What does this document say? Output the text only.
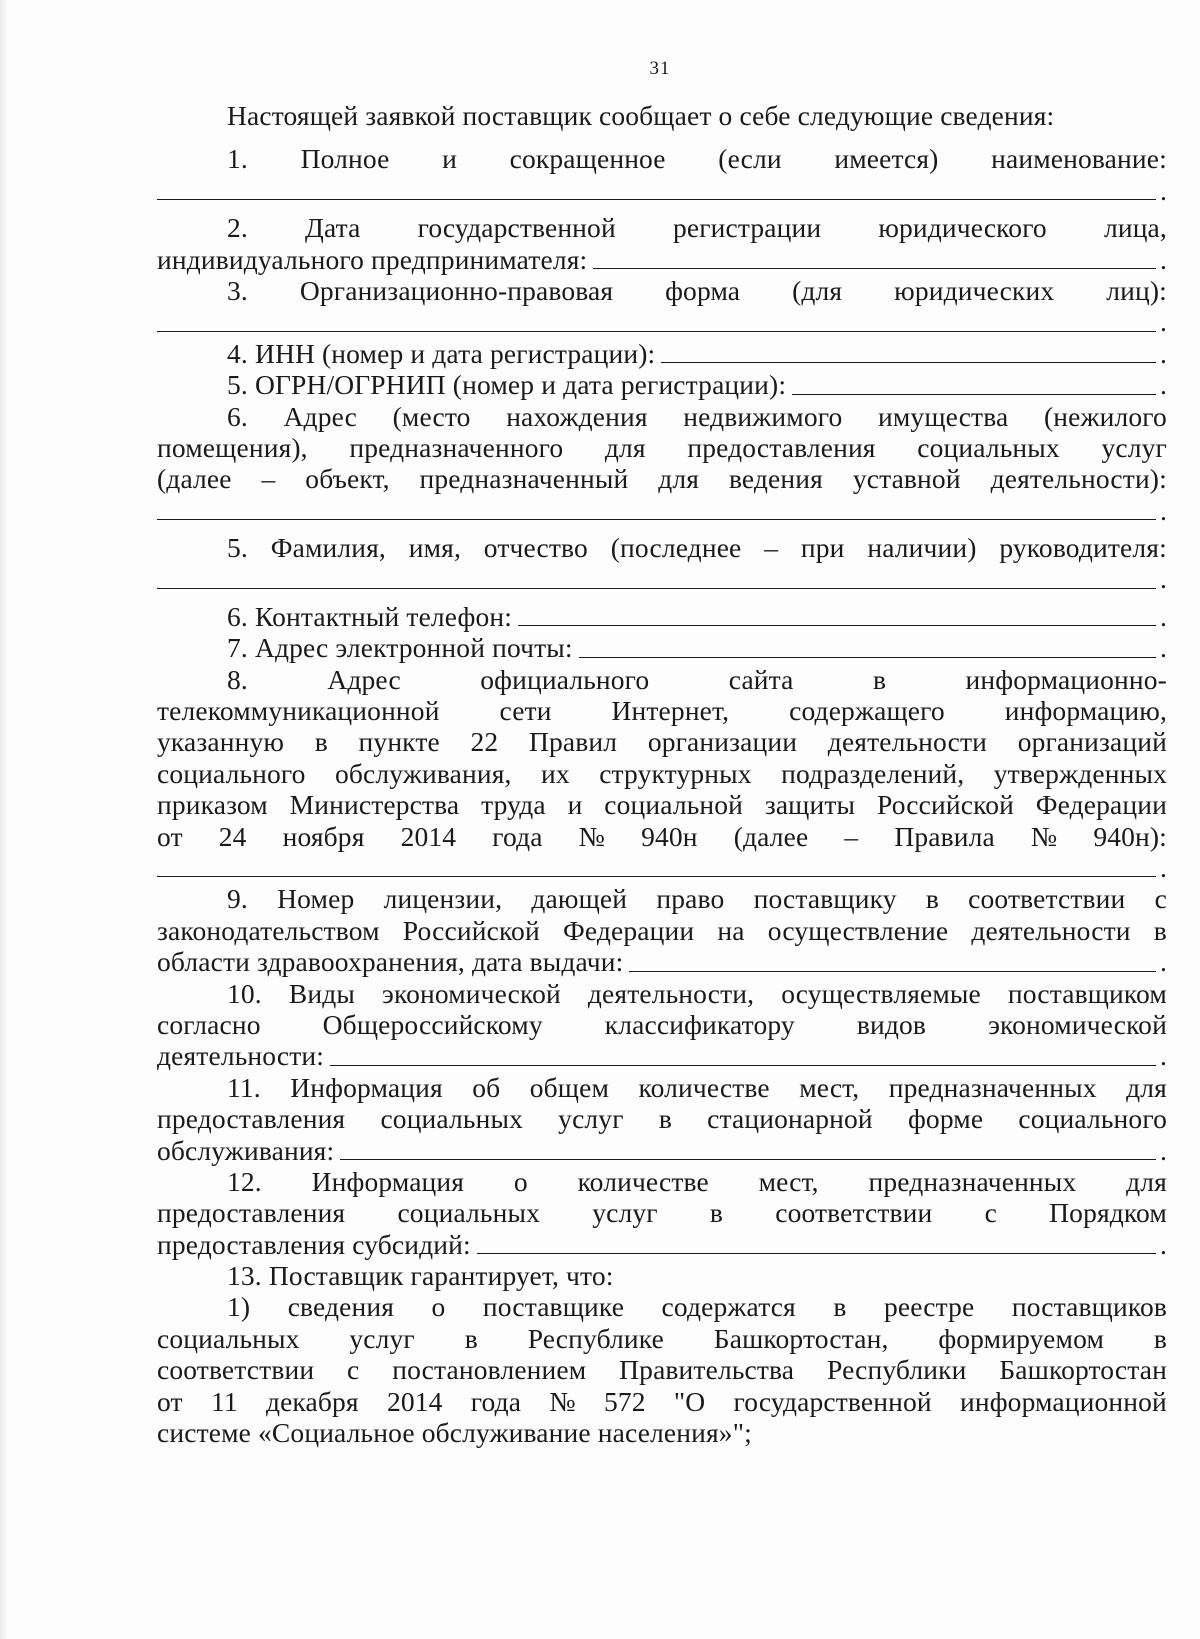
31
Настоящей заявкой поставщик сообщает о себе следующие сведения:
1. Полное и сокращенное (если имеется) наименование:
.
2. Дата государственной регистрации юридического лица,
индивидуального предпринимателя:	.
3. Организационно-правовая форма (для юридических лиц):
.
4. ИНН (номер и дата регистрации):	.
5. ОГРН/ОГРНИП (номер и дата регистрации):	.
6. Адрес (место нахождения недвижимого имущества (нежилого
помещения), предназначенного для предоставления социальных услуг
(далее – объект, предназначенный для ведения уставной деятельности):
.
5. Фамилия, имя, отчество (последнее – при наличии) руководителя:
.
6. Контактный телефон:	.
7. Адрес электронной почты:	.
8.	Адрес	официального	сайта	в	информационно-
телекоммуникационной сети Интернет, содержащего информацию,
указанную в пункте 22 Правил организации деятельности организаций
социального обслуживания, их структурных подразделений, утвержденных
приказом Министерства труда и социальной защиты Российской Федерации
от 24 ноября 2014 года № 940н (далее – Правила № 940н):
.
9. Номер лицензии, дающей право поставщику в соответствии с
законодательством Российской Федерации на осуществление деятельности в
области здравоохранения, дата выдачи:	.
10. Виды экономической деятельности, осуществляемые поставщиком
согласно Общероссийскому классификатору видов экономической
деятельности:	.
11. Информация об общем количестве мест, предназначенных для
предоставления социальных услуг в стационарной форме социального
обслуживания:	.
12. Информация о количестве мест, предназначенных для
предоставления социальных услуг в соответствии с Порядком
предоставления субсидий:	.
13. Поставщик гарантирует, что:
1) сведения о поставщике содержатся в реестре поставщиков
социальных услуг в Республике Башкортостан, формируемом в
соответствии с постановлением Правительства Республики Башкортостан
от 11 декабря 2014 года № 572 "О государственной информационной
системе «Социальное обслуживание населения»";
